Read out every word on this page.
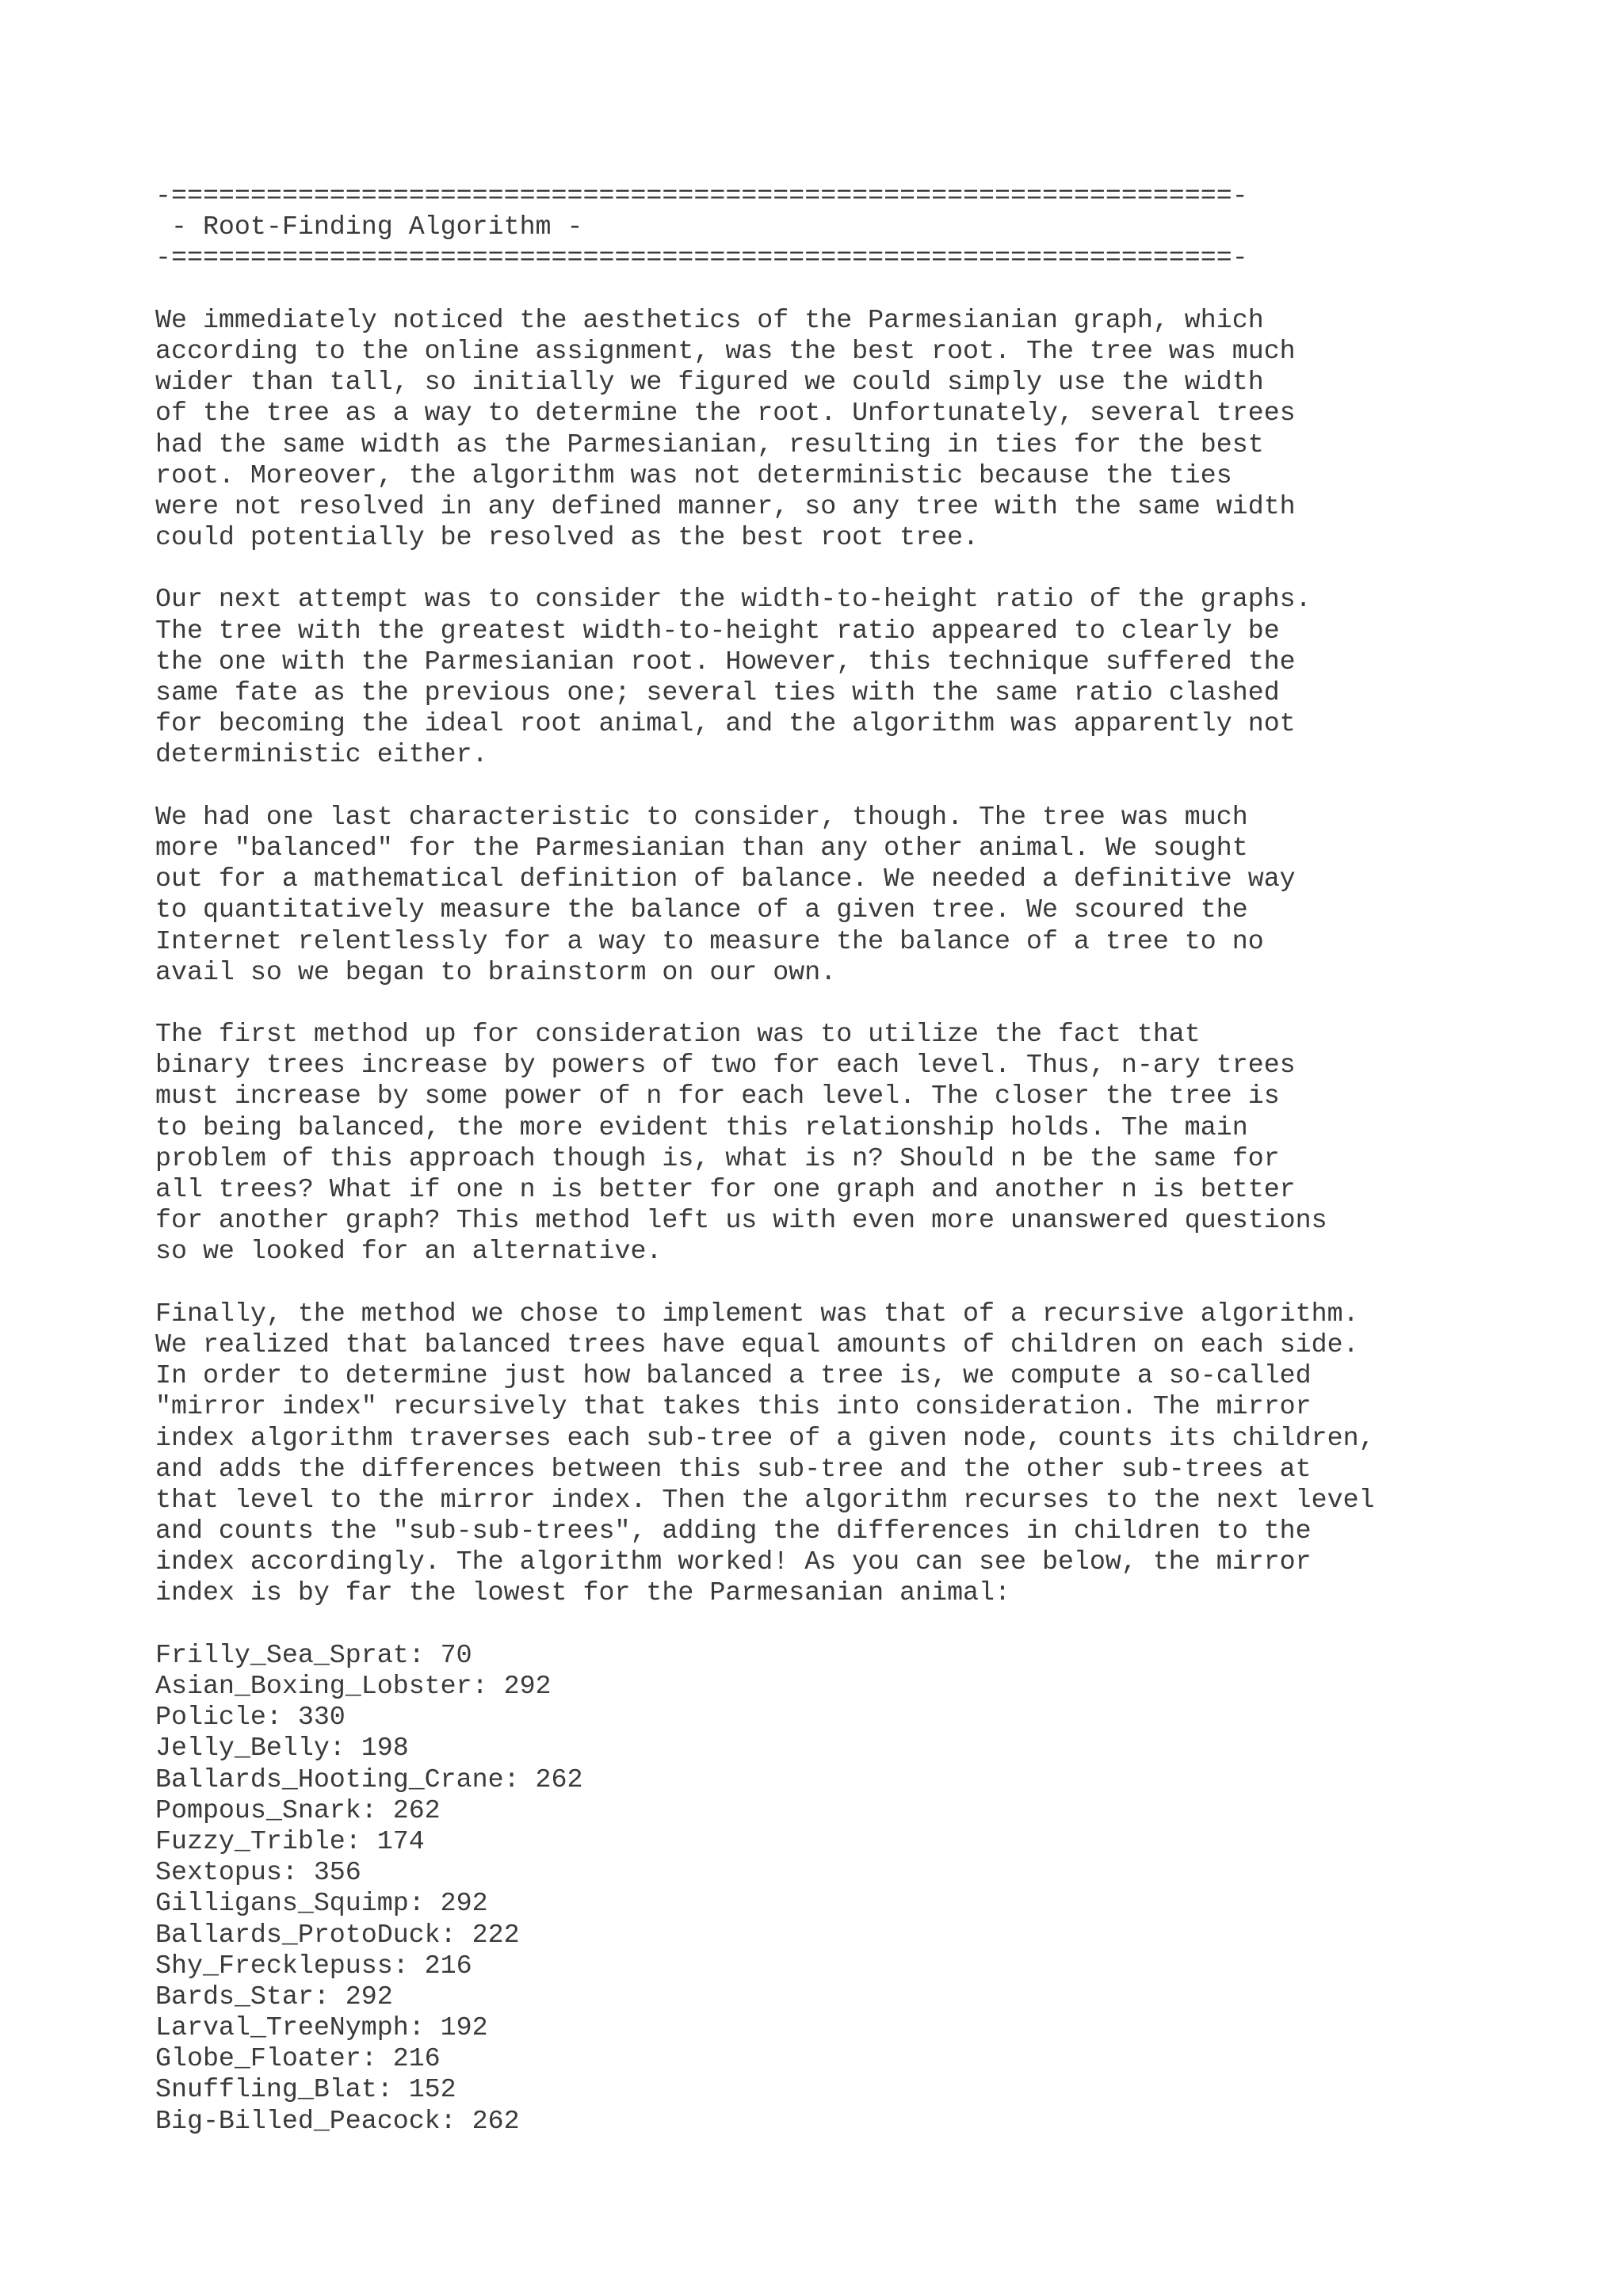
-===================================================================-
- Root-Finding Algorithm -
-===================================================================-
We immediately noticed the aesthetics of the Parmesianian graph, which
according to the online assignment, was the best root. The tree was much
wider than tall, so initially we figured we could simply use the width
of the tree as a way to determine the root. Unfortunately, several trees
had the same width as the Parmesianian, resulting in ties for the best
root. Moreover, the algorithm was not deterministic because the ties
were not resolved in any defined manner, so any tree with the same width
could potentially be resolved as the best root tree.
Our next attempt was to consider the width-to-height ratio of the graphs.
The tree with the greatest width-to-height ratio appeared to clearly be
the one with the Parmesianian root. However, this technique suffered the
same fate as the previous one; several ties with the same ratio clashed
for becoming the ideal root animal, and the algorithm was apparently not
deterministic either.
We had one last characteristic to consider, though. The tree was much
more "balanced" for the Parmesianian than any other animal. We sought
out for a mathematical definition of balance. We needed a definitive way
to quantitatively measure the balance of a given tree. We scoured the
Internet relentlessly for a way to measure the balance of a tree to no
avail so we began to brainstorm on our own.
The first method up for consideration was to utilize the fact that
binary trees increase by powers of two for each level. Thus, n-ary trees
must increase by some power of n for each level. The closer the tree is
to being balanced, the more evident this relationship holds. The main
problem of this approach though is, what is n? Should n be the same for
all trees? What if one n is better for one graph and another n is better
for another graph? This method left us with even more unanswered questions
so we looked for an alternative.
Finally, the method we chose to implement was that of a recursive algorithm.
We realized that balanced trees have equal amounts of children on each side.
In order to determine just how balanced a tree is, we compute a so-called
"mirror index" recursively that takes this into consideration. The mirror
index algorithm traverses each sub-tree of a given node, counts its children,
and adds the differences between this sub-tree and the other sub-trees at
that level to the mirror index. Then the algorithm recurses to the next level
and counts the "sub-sub-trees", adding the differences in children to the
index accordingly. The algorithm worked! As you can see below, the mirror
index is by far the lowest for the Parmesanian animal:
Frilly_Sea_Sprat: 70
Asian_Boxing_Lobster: 292
Policle: 330
Jelly_Belly: 198
Ballards_Hooting_Crane: 262
Pompous_Snark: 262
Fuzzy_Trible: 174
Sextopus: 356
Gilligans_Squimp: 292
Ballards_ProtoDuck: 222
Shy_Frecklepuss: 216
Bards_Star: 292
Larval_TreeNymph: 192
Globe_Floater: 216
Snuffling_Blat: 152
Big-Billed_Peacock: 262
